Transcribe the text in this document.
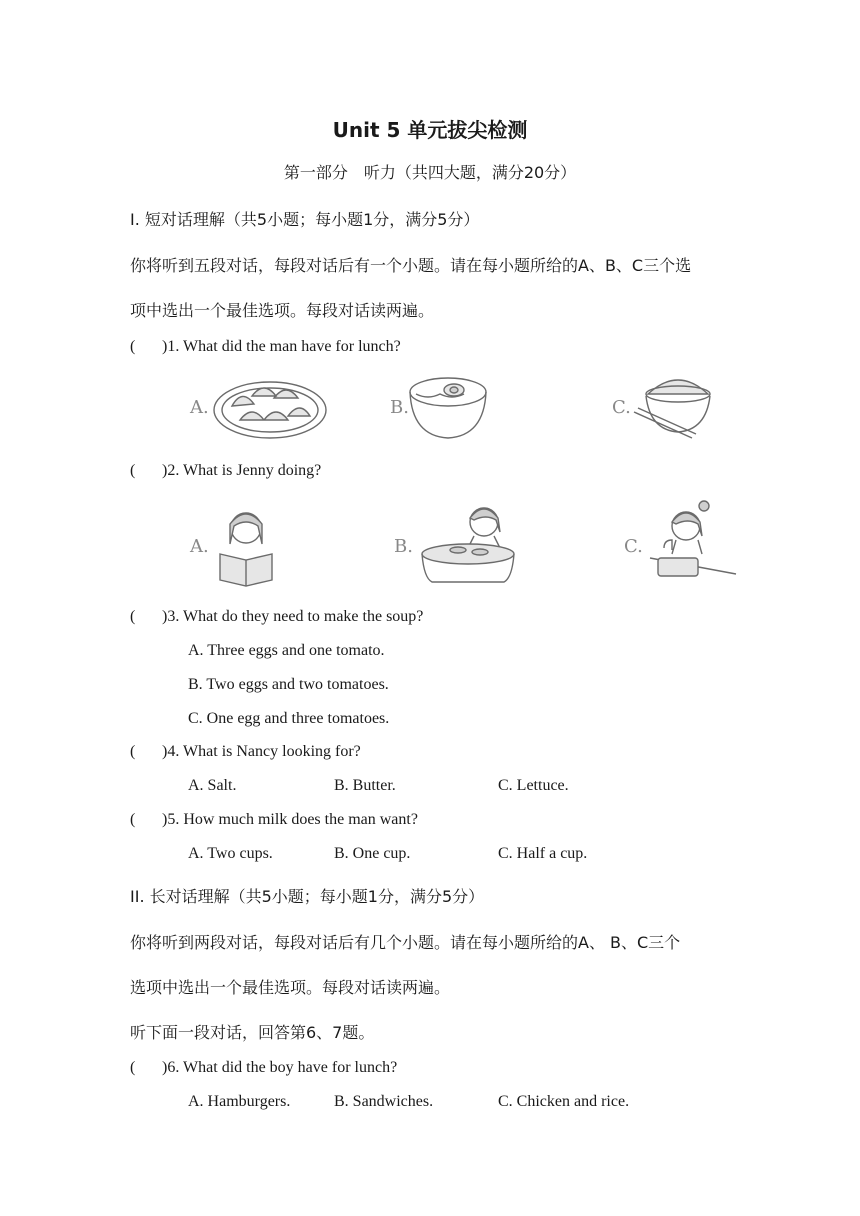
Unit 5 单元拔尖检测
第一部分　听力（共四大题，满分20分）
I. 短对话理解（共5小题；每小题1分，满分5分）
你将听到五段对话，每段对话后有一个小题。请在每小题所给的A、B、C三个选
项中选出一个最佳选项。每段对话读两遍。
( )1. What did the man have for lunch?
A.	B.	C.
( )2. What is Jenny doing?
A.	B.	C.
( )3. What do they need to make the soup?
A. Three eggs and one tomato.
B. Two eggs and two tomatoes.
C. One egg and three tomatoes.
( )4. What is Nancy looking for?
A. Salt.	B. Butter.	C. Lettuce.
( )5. How much milk does the man want?
A. Two cups.	B. One cup.	C. Half a cup.
II. 长对话理解（共5小题；每小题1分，满分5分）
你将听到两段对话，每段对话后有几个小题。请在每小题所给的A、 B、C三个
选项中选出一个最佳选项。每段对话读两遍。
听下面一段对话，回答第6、7题。
( )6. What did the boy have for lunch?
A. Hamburgers.	B. Sandwiches.	C. Chicken and rice.
